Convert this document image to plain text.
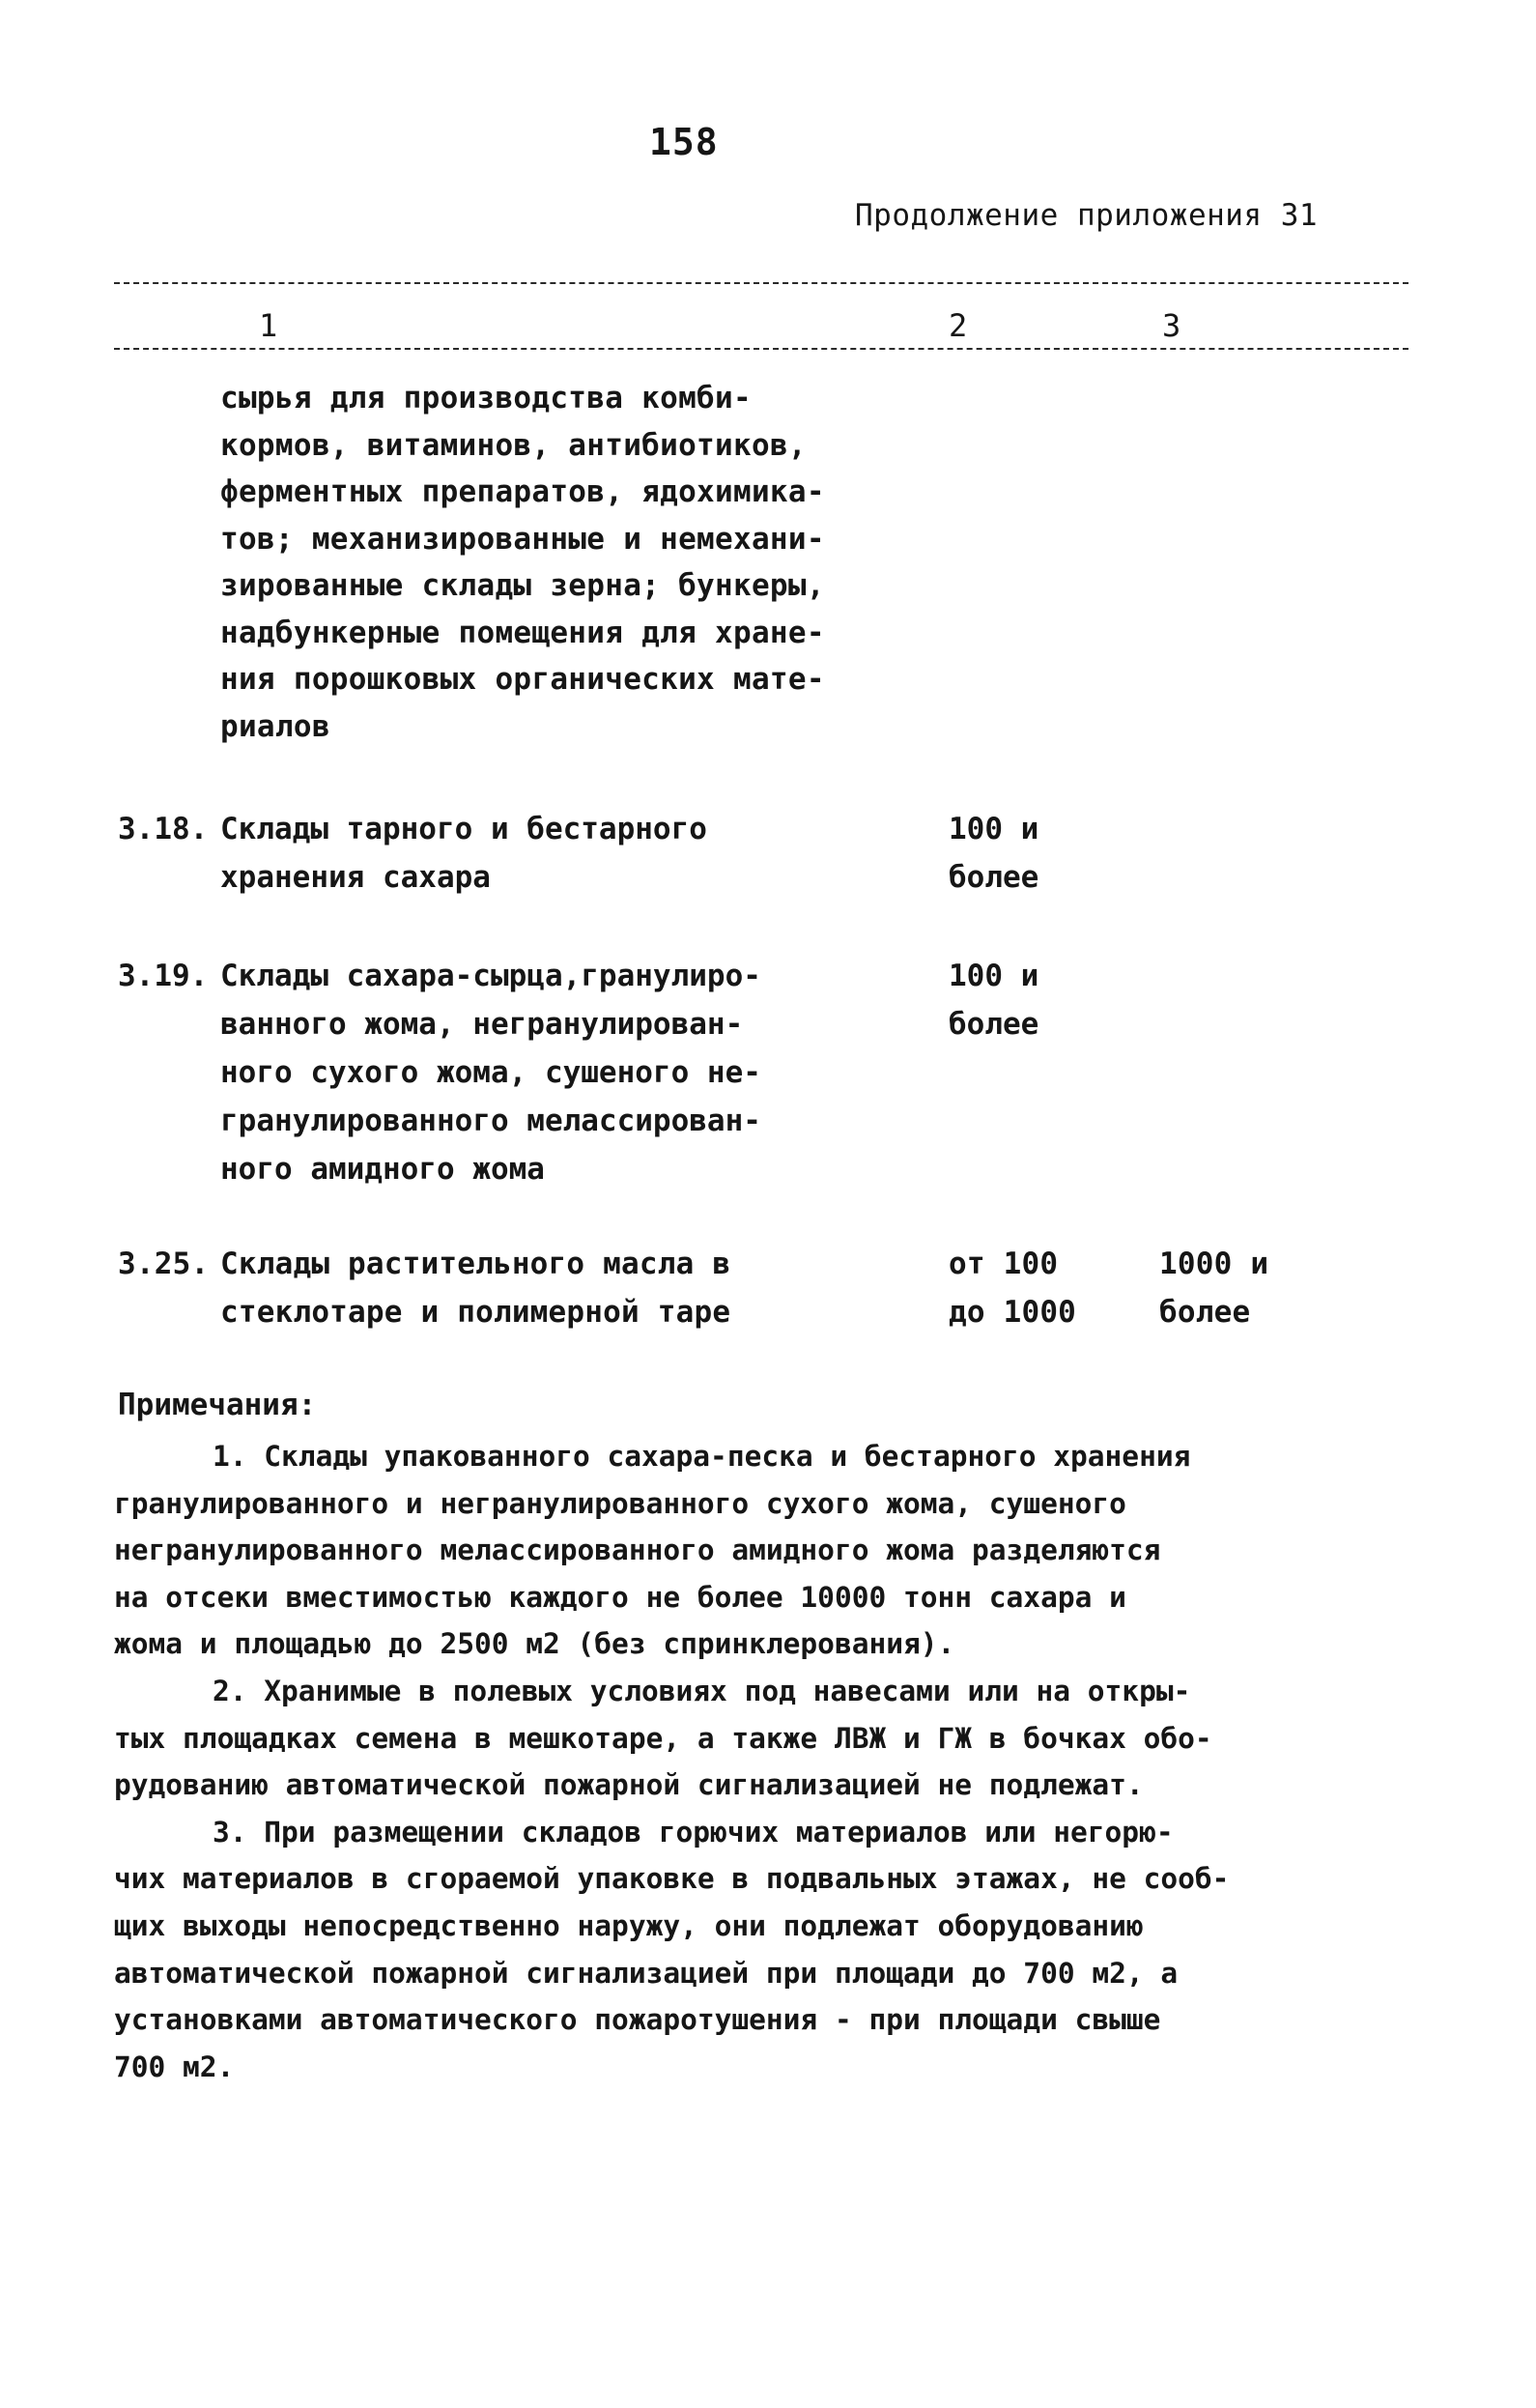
158
Продолжение приложения 31
1	2	3
сырья для производства комби-
кормов, витаминов, антибиотиков,
ферментных препаратов, ядохимика-
тов; механизированные и немехани-
зированные склады зерна; бункеры,
надбункерные помещения для хране-
ния порошковых органических мате-
риалов
3.18. Склады тарного и бестарного
хранения сахара
100 и
более
3.19. Склады сахара-сырца,гранулиро-
ванного жома, негранулирован-
ного сухого жома, сушеного не-
гранулированного мелассирован-
ного амидного жома
100 и
более
3.25. Склады растительного масла в
стеклотаре и полимерной таре
от 100
до 1000
1000 и
более
Примечания:
1. Склады упакованного сахара-песка и бестарного хранения
гранулированного и негранулированного сухого жома, сушеного
негранулированного мелассированного амидного жома разделяются
на отсеки вместимостью каждого не более 10000 тонн сахара и
жома и площадью до 2500 м2 (без спринклерования).
2. Хранимые в полевых условиях под навесами или на откры-
тых площадках семена в мешкотаре, а также ЛВЖ и ГЖ в бочках обо-
рудованию автоматической пожарной сигнализацией не подлежат.
3. При размещении складов горючих материалов или негорю-
чих материалов в сгораемой упаковке в подвальных этажах, не сооб-
щих выходы непосредственно наружу, они подлежат оборудованию
автоматической пожарной сигнализацией при площади до 700 м2, а
установками автоматического пожаротушения - при площади свыше
700 м2.
